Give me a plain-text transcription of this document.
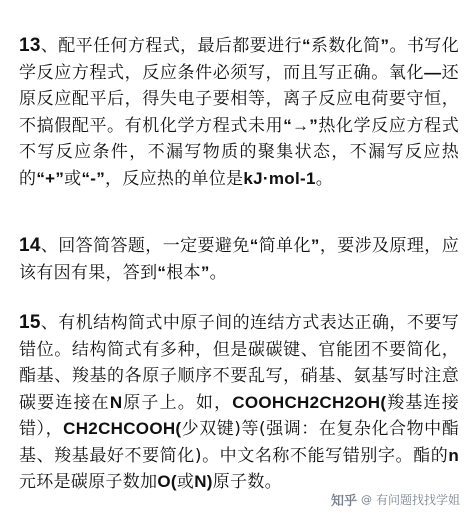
13、配平任何方程式，最后都要进行“系数化简”。书写化学反应方程式，反应条件必须写，而且写正确。氧化—还原反应配平后，得失电子要相等，离子反应电荷要守恒，不搞假配平。有机化学方程式未用“→”热化学反应方程式不写反应条件，不漏写物质的聚集状态，不漏写反应热的“+”或“-”，反应热的单位是kJ·mol-1。

14、回答简答题，一定要避免“简单化”，要涉及原理，应该有因有果，答到“根本”。

15、有机结构简式中原子间的连结方式表达正确，不要写错位。结构简式有多种，但是碳碳键、官能团不要简化，酯基、羧基的各原子顺序不要乱写，硝基、氨基写时注意碳要连接在N原子上。如，COOHCH2CH2OH(羧基连接错），CH2CHCOOH(少双键)等(强调：在复杂化合物中酯基、羧基最好不要简化)。中文名称不能写错别字。酯的n元环是碳原子数加O(或N)原子数。

知乎 @ 有问题找找学姐
